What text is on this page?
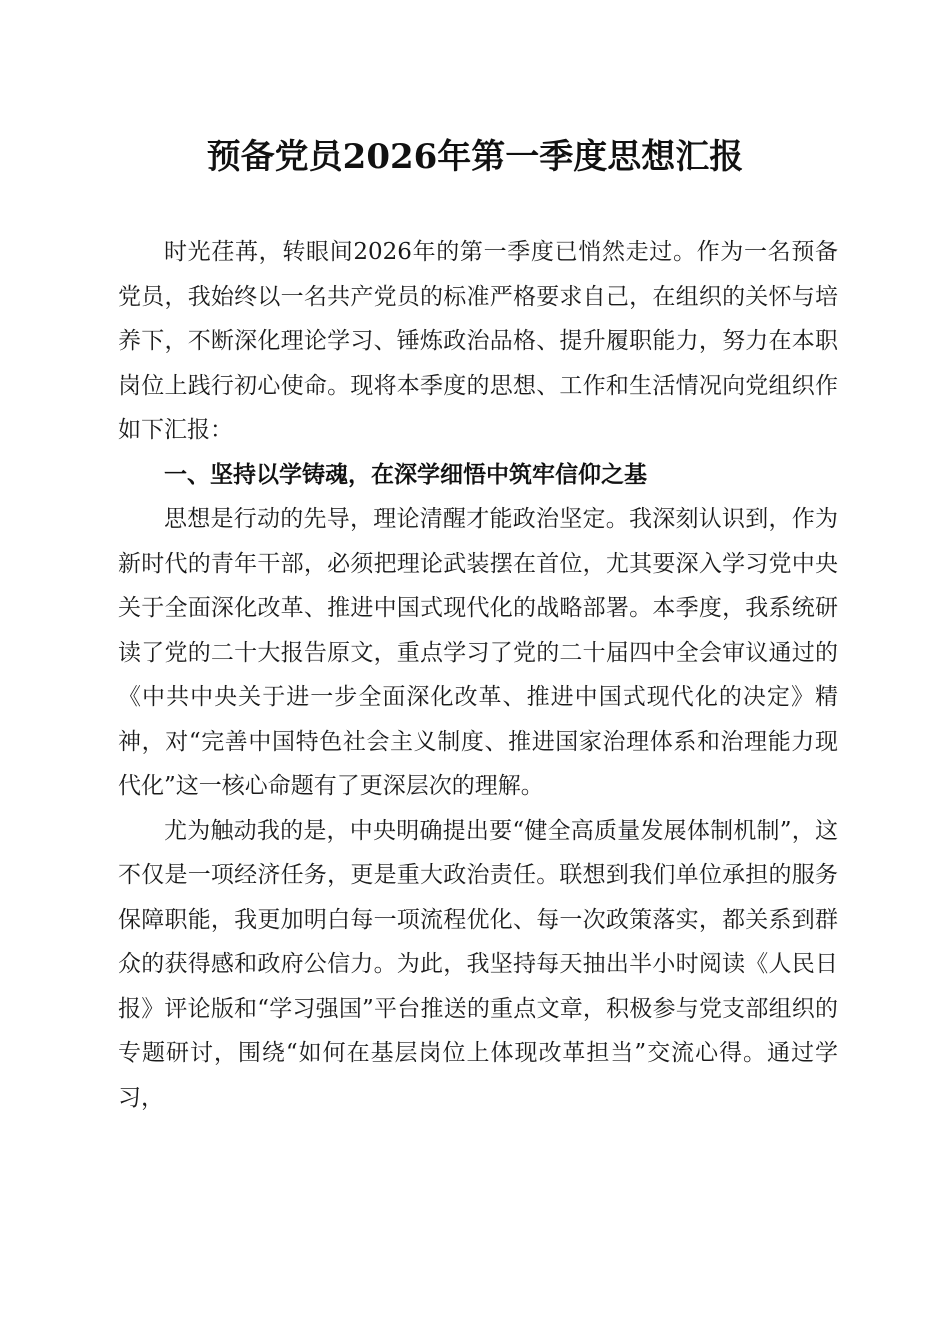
预备党员2026年第一季度思想汇报

时光荏苒，转眼间2026年的第一季度已悄然走过。作为一名预备党员，我始终以一名共产党员的标准严格要求自己，在组织的关怀与培养下，不断深化理论学习、锤炼政治品格、提升履职能力，努力在本职岗位上践行初心使命。现将本季度的思想、工作和生活情况向党组织作如下汇报：

一、坚持以学铸魂，在深学细悟中筑牢信仰之基

思想是行动的先导，理论清醒才能政治坚定。我深刻认识到，作为新时代的青年干部，必须把理论武装摆在首位，尤其要深入学习党中央关于全面深化改革、推进中国式现代化的战略部署。本季度，我系统研读了党的二十大报告原文，重点学习了党的二十届四中全会审议通过的《中共中央关于进一步全面深化改革、推进中国式现代化的决定》精神，对“完善中国特色社会主义制度、推进国家治理体系和治理能力现代化”这一核心命题有了更深层次的理解。

尤为触动我的是，中央明确提出要“健全高质量发展体制机制”，这不仅是一项经济任务，更是重大政治责任。联想到我们单位承担的服务保障职能，我更加明白每一项流程优化、每一次政策落实，都关系到群众的获得感和政府公信力。为此，我坚持每天抽出半小时阅读《人民日报》评论版和“学习强国”平台推送的重点文章，积极参与党支部组织的专题研讨，围绕“如何在基层岗位上体现改革担当”交流心得。通过学习，
